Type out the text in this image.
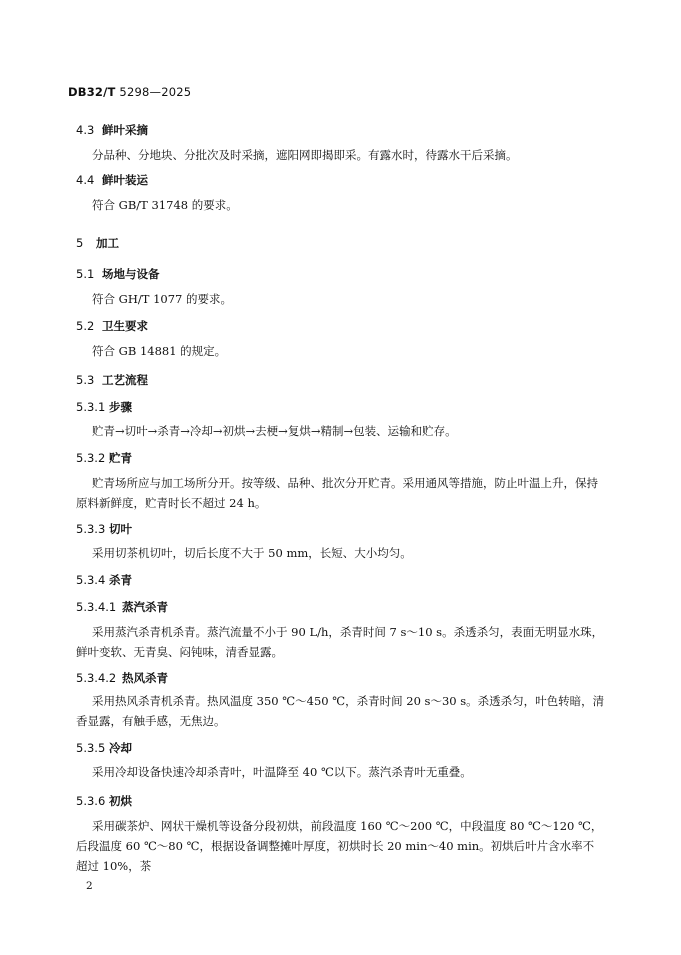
DB32/T 5298—2025
4.3 鲜叶采摘
分品种、分地块、分批次及时采摘，遮阳网即揭即采。有露水时，待露水干后采摘。
4.4 鲜叶装运
符合 GB/T 31748 的要求。
5 加工
5.1 场地与设备
符合 GH/T 1077 的要求。
5.2 卫生要求
符合 GB 14881 的规定。
5.3 工艺流程
5.3.1 步骤
贮青→切叶→杀青→冷却→初烘→去梗→复烘→精制→包装、运输和贮存。
5.3.2 贮青
贮青场所应与加工场所分开。按等级、品种、批次分开贮青。采用通风等措施，防止叶温上升，保持原料新鲜度，贮青时长不超过 24 h。
5.3.3 切叶
采用切茶机切叶，切后长度不大于 50 mm，长短、大小均匀。
5.3.4 杀青
5.3.4.1 蒸汽杀青
采用蒸汽杀青机杀青。蒸汽流量不小于 90 L/h，杀青时间 7 s～10 s。杀透杀匀，表面无明显水珠，鲜叶变软、无青臭、闷钝味，清香显露。
5.3.4.2 热风杀青
采用热风杀青机杀青。热风温度 350 ℃～450 ℃，杀青时间 20 s～30 s。杀透杀匀，叶色转暗，清香显露，有触手感，无焦边。
5.3.5 冷却
采用冷却设备快速冷却杀青叶，叶温降至 40 ℃以下。蒸汽杀青叶无重叠。
5.3.6 初烘
采用碳茶炉、网状干燥机等设备分段初烘，前段温度 160 ℃～200 ℃，中段温度 80 ℃～120 ℃，后段温度 60 ℃～80 ℃，根据设备调整摊叶厚度，初烘时长 20 min～40 min。初烘后叶片含水率不超过 10%，茶
2
